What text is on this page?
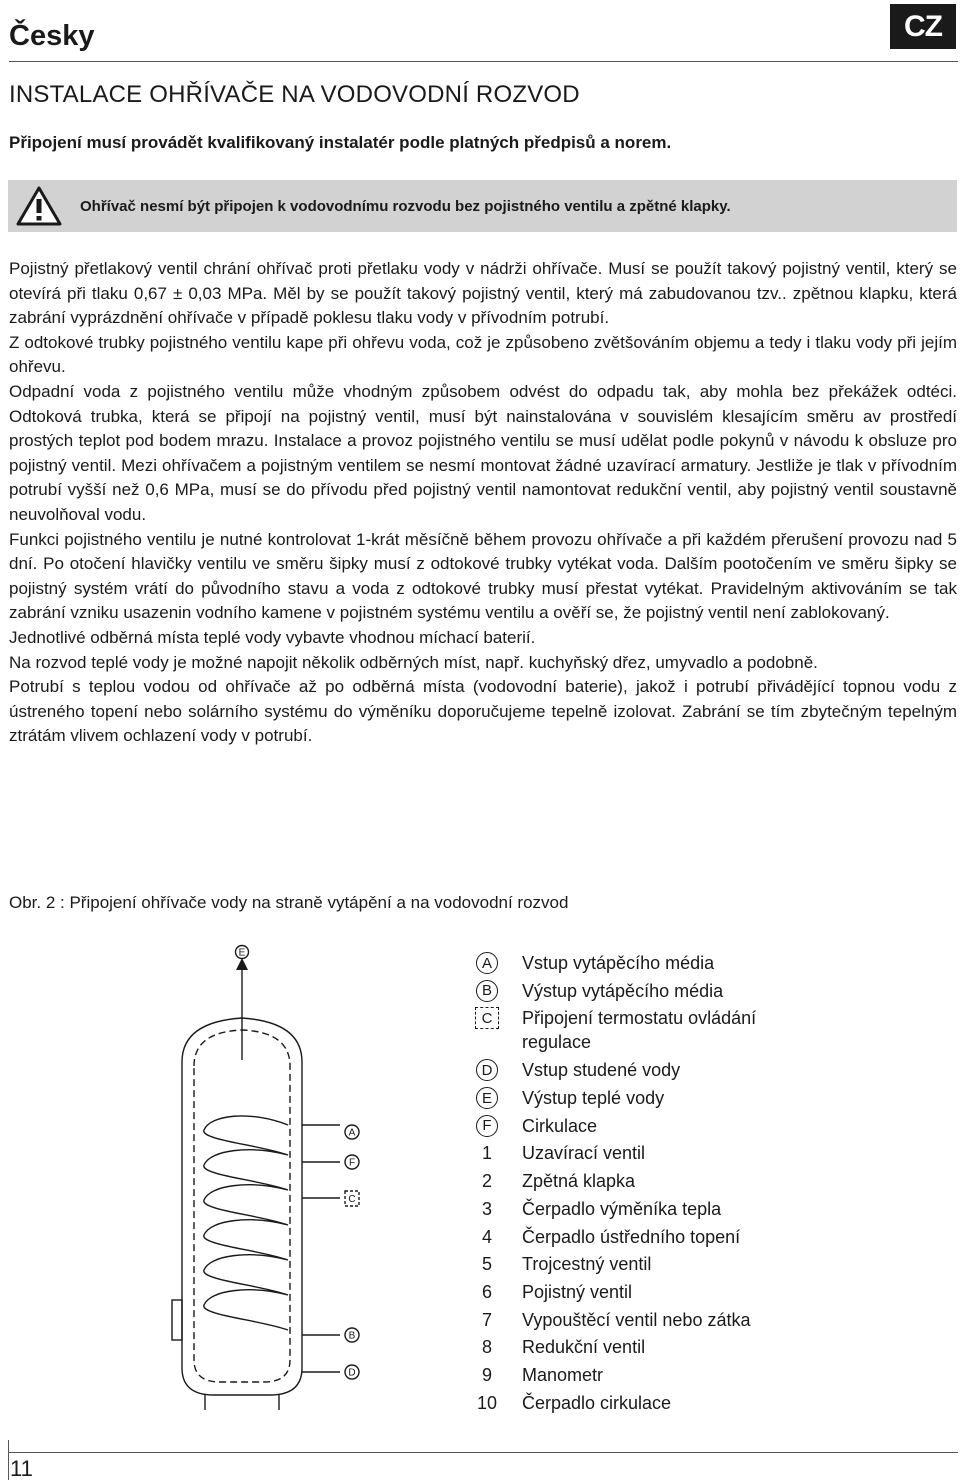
Česky	CZ
INSTALACE OHŘÍVAČE NA VODOVODNÍ ROZVOD

Připojení musí provádět kvalifikovaný instalatér podle platných předpisů a norem.

Ohřívač nesmí být připojen k vodovodnímu rozvodu bez pojistného ventilu a zpětné klapky.

Pojistný přetlakový ventil chrání ohřívač proti přetlaku vody v nádrži ohřívače. Musí se použít takový pojistný ventil, který se otevírá při tlaku 0,67 ± 0,03 MPa. Měl by se použít takový pojistný ventil, který má zabudovanou tzv.. zpětnou klapku, která zabrání vyprázdnění ohřívače v případě poklesu tlaku vody v přívodním potrubí.

Z odtokové trubky pojistného ventilu kape při ohřevu voda, což je způsobeno zvětšováním objemu a tedy i tlaku vody při jejím ohřevu.

Odpadní voda z pojistného ventilu může vhodným způsobem odvést do odpadu tak, aby mohla bez překážek odtéci. Odtoková trubka, která se připojí na pojistný ventil, musí být nainstalována v souvislém klesajícím směru av prostředí prostých teplot pod bodem mrazu. Instalace a provoz pojistného ventilu se musí udělat podle pokynů v návodu k obsluze pro pojistný ventil. Mezi ohřívačem a pojistným ventilem se nesmí montovat žádné uzavírací armatury. Jestliže je tlak v přívodním potrubí vyšší než 0,6 MPa, musí se do přívodu před pojistný ventil namontovat redukční ventil, aby pojistný ventil soustavně neuvolňoval vodu.

Funkci pojistného ventilu je nutné kontrolovat 1-krát měsíčně během provozu ohřívače a při každém přerušení provozu nad 5 dní. Po otočení hlavičky ventilu ve směru šipky musí z odtokové trubky vytékat voda. Dalším pootočením ve směru šipky se pojistný systém vrátí do původního stavu a voda z odtokové trubky musí přestat vytékat. Pravidelným aktivováním se tak zabrání vzniku usazenin vodního kamene v pojistném systému ventilu a ověří se, že pojistný ventil není zablokovaný.

Jednotlivé odběrná místa teplé vody vybavte vhodnou míchací baterií.

Na rozvod teplé vody je možné napojit několik odběrných míst, např. kuchyňský dřez, umyvadlo a podobně.

Potrubí s teplou vodou od ohřívače až po odběrná místa (vodovodní baterie), jakož i potrubí přivádějící topnou vodu z ústreného topení nebo solárního systému do výměníku doporučujeme tepelně izolovat. Zabrání se tím zbytečným tepelným ztrátám vlivem ochlazení vody v potrubí.

Obr. 2 : Připojení ohřívače vody na straně vytápění a na vodovodní rozvod

E
A
F
C
B
D
A	Vstup vytápěcího média
B	Výstup vytápěcího média
C	Připojení termostatu ovládání regulace
D	Vstup studené vody
E	Výstup teplé vody
F	Cirkulace
1 Uzavírací ventil
2 Zpětná klapka
3 Čerpadlo výměníka tepla
4 Čerpadlo ústředního topení
5 Trojcestný ventil
6 Pojistný ventil
7 Vypouštěcí ventil nebo zátka
8 Redukční ventil
9 Manometr
10 Čerpadlo cirkulace

11
